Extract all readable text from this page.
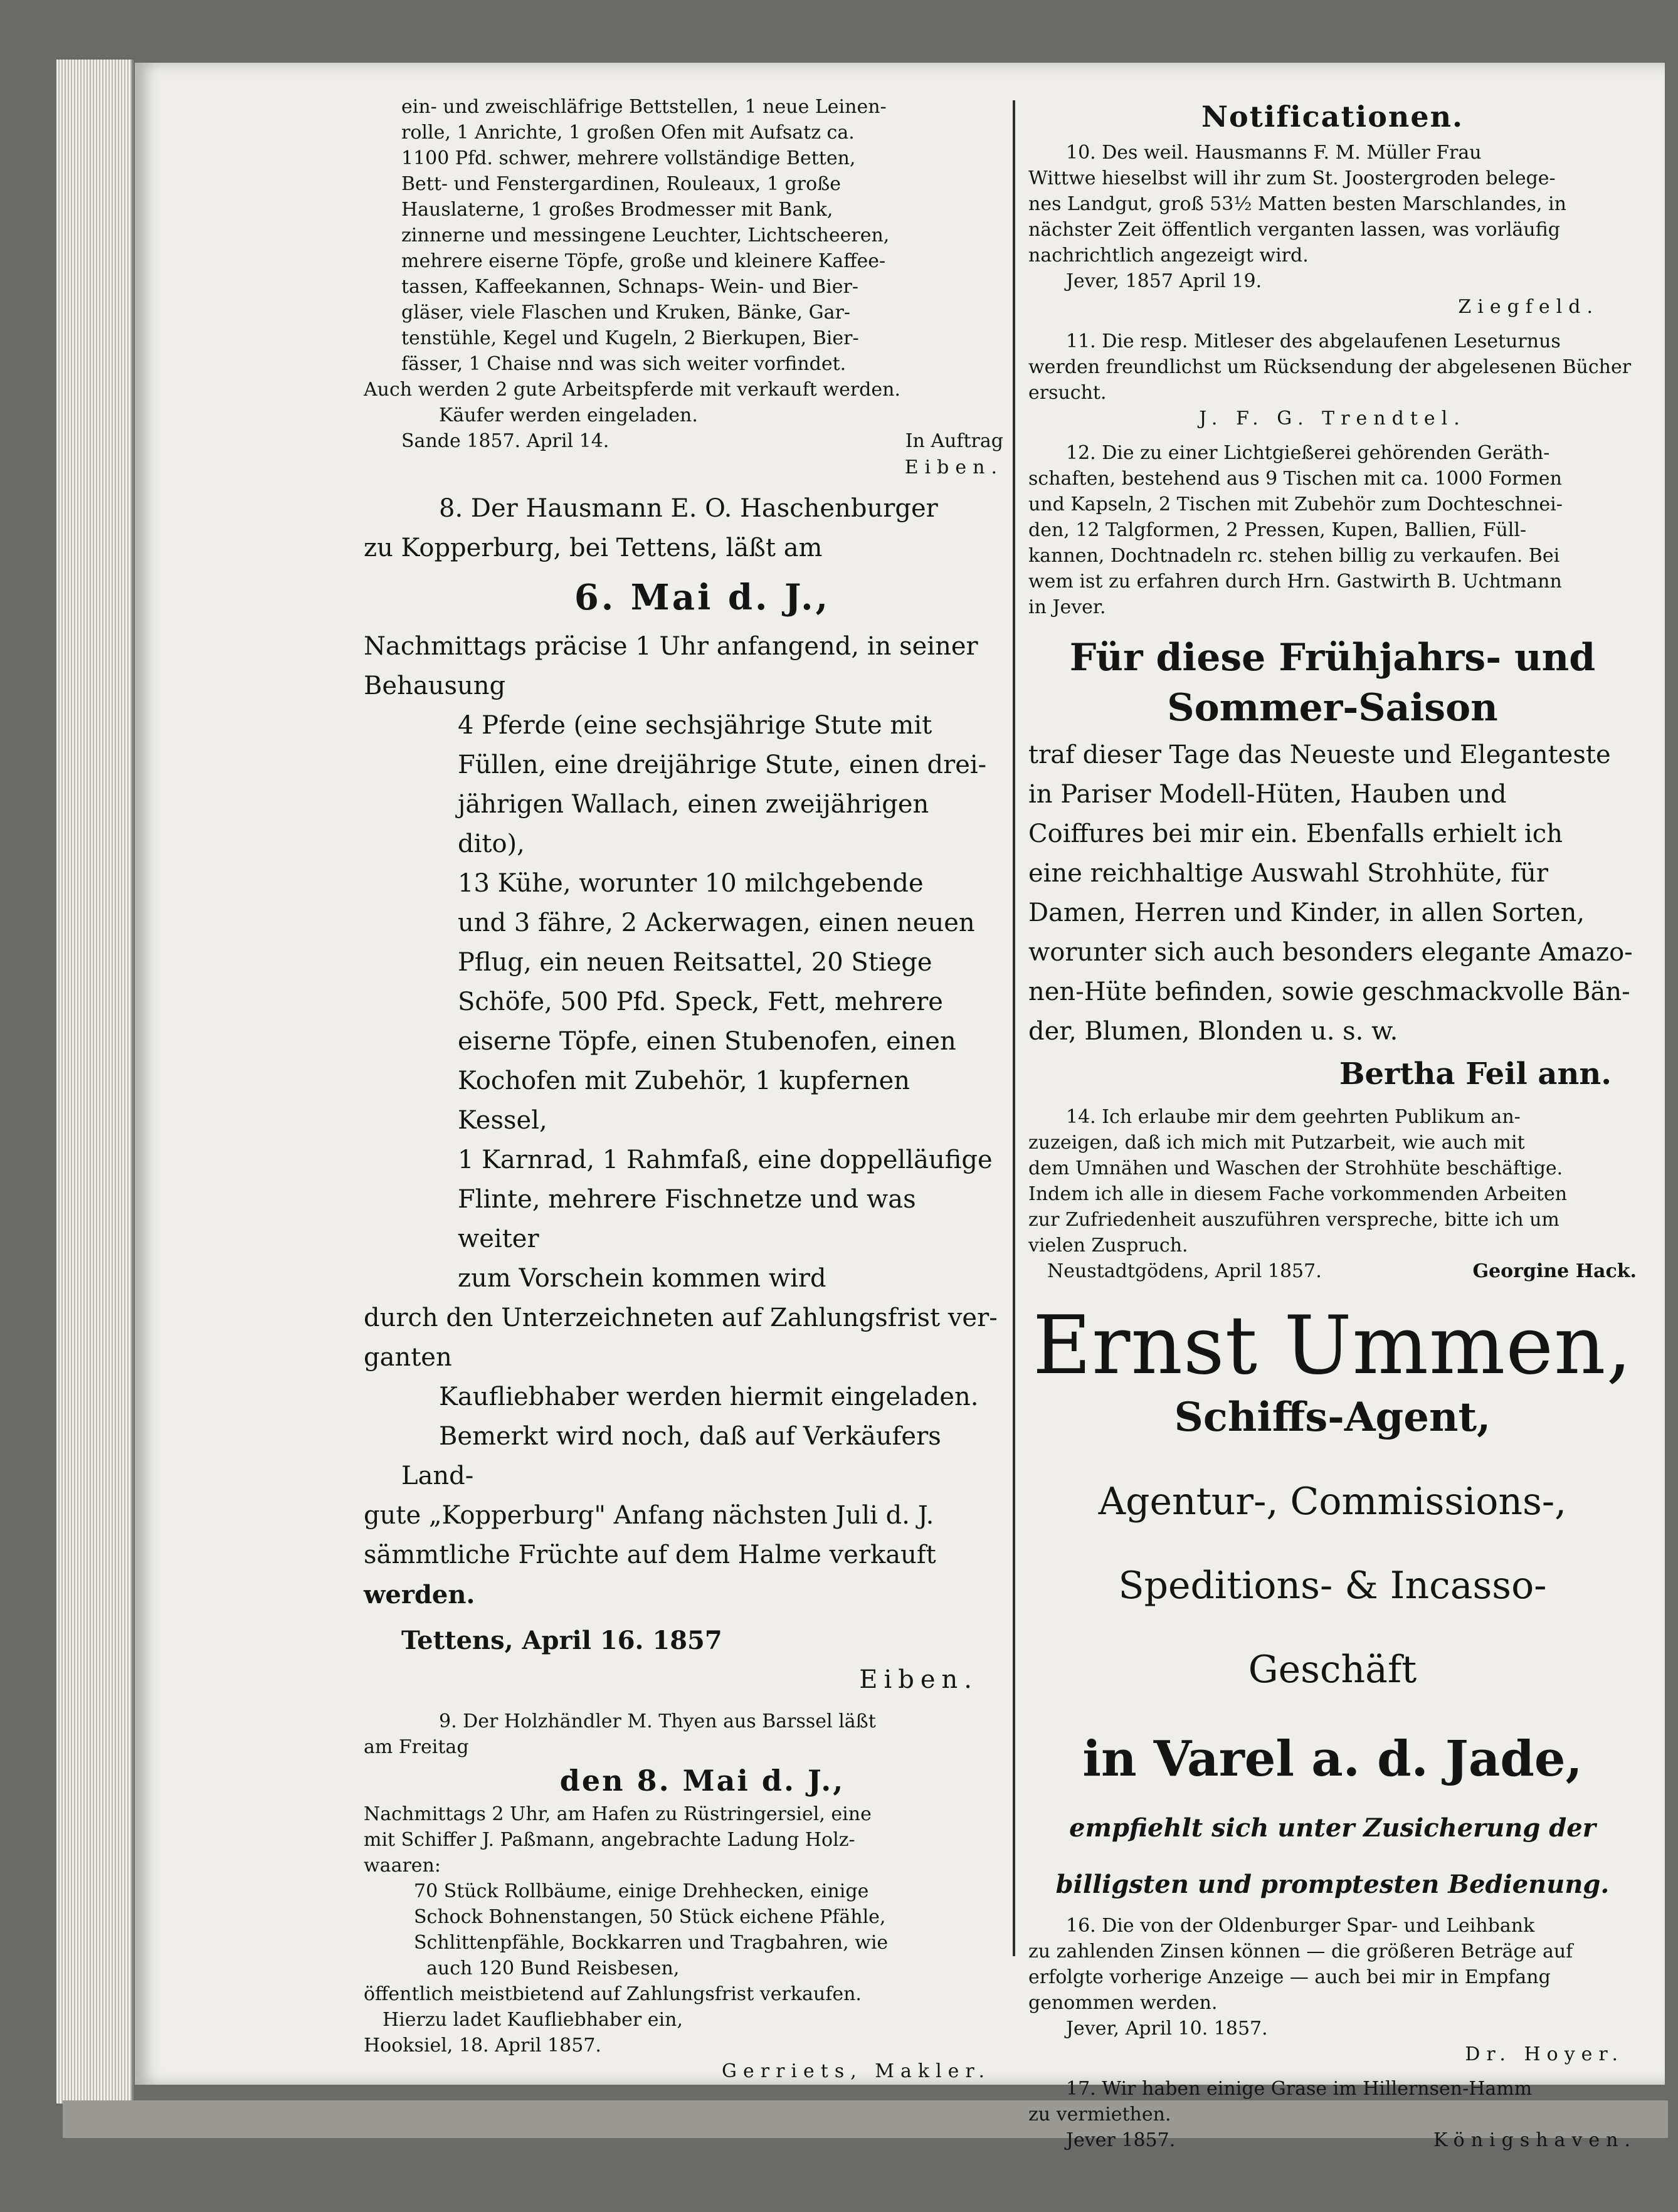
ein- und zweischläfrige Bettstellen, 1 neue Leinen-

rolle, 1 Anrichte, 1 großen Ofen mit Aufsatz ca.

1100 Pfd. schwer, mehrere vollständige Betten,

Bett- und Fenstergardinen, Rouleaux, 1 große

Hauslaterne, 1 großes Brodmesser mit Bank,

zinnerne und messingene Leuchter, Lichtscheeren,

mehrere eiserne Töpfe, große und kleinere Kaffee-

tassen, Kaffeekannen, Schnaps- Wein- und Bier-

gläser, viele Flaschen und Kruken, Bänke, Gar-

tenstühle, Kegel und Kugeln, 2 Bierkupen, Bier-

fässer, 1 Chaise nnd was sich weiter vorfindet.

Auch werden 2 gute Arbeitspferde mit verkauft werden.

Käufer werden eingeladen.

Sande 1857. April 14.	In Auftrag

Eiben.

8. Der Hausmann E. O. Haschenburger

zu Kopperburg, bei Tettens, läßt am

6. Mai d. J.,

Nachmittags präcise 1 Uhr anfangend, in seiner

Behausung

4 Pferde (eine sechsjährige Stute mit

Füllen, eine dreijährige Stute, einen drei-

jährigen Wallach, einen zweijährigen dito),

13 Kühe, worunter 10 milchgebende

und 3 fähre, 2 Ackerwagen, einen neuen

Pflug, ein neuen Reitsattel, 20 Stiege

Schöfe, 500 Pfd. Speck, Fett, mehrere

eiserne Töpfe, einen Stubenofen, einen

Kochofen mit Zubehör, 1 kupfernen Kessel,

1 Karnrad, 1 Rahmfaß, eine doppelläufige

Flinte, mehrere Fischnetze und was weiter

zum Vorschein kommen wird

durch den Unterzeichneten auf Zahlungsfrist ver-

ganten

Kaufliebhaber werden hiermit eingeladen.

Bemerkt wird noch, daß auf Verkäufers Land-

gute „Kopperburg" Anfang nächsten Juli d. J.

sämmtliche Früchte auf dem Halme verkauft

werden.

Tettens, April 16. 1857

Eiben.

9. Der Holzhändler M. Thyen aus Barssel läßt

am Freitag

den 8. Mai d. J.,

Nachmittags 2 Uhr, am Hafen zu Rüstringersiel, eine

mit Schiffer J. Paßmann, angebrachte Ladung Holz-

waaren:

70 Stück Rollbäume, einige Drehhecken, einige

Schock Bohnenstangen, 50 Stück eichene Pfähle,

Schlittenpfähle, Bockkarren und Tragbahren, wie

auch 120 Bund Reisbesen,

öffentlich meistbietend auf Zahlungsfrist verkaufen.

Hierzu ladet Kaufliebhaber ein,

Hooksiel, 18. April 1857.

Gerriets, Makler.

Notificationen.

10. Des weil. Hausmanns F. M. Müller Frau

Wittwe hieselbst will ihr zum St. Joostergroden belege-

nes Landgut, groß 53½ Matten besten Marschlandes, in

nächster Zeit öffentlich verganten lassen, was vorläufig

nachrichtlich angezeigt wird.

Jever, 1857 April 19.

Ziegfeld.

11. Die resp. Mitleser des abgelaufenen Leseturnus

werden freundlichst um Rücksendung der abgelesenen Bücher

ersucht.

J. F. G. Trendtel.

12. Die zu einer Lichtgießerei gehörenden Geräth-

schaften, bestehend aus 9 Tischen mit ca. 1000 Formen

und Kapseln, 2 Tischen mit Zubehör zum Dochteschnei-

den, 12 Talgformen, 2 Pressen, Kupen, Ballien, Füll-

kannen, Dochtnadeln rc. stehen billig zu verkaufen. Bei

wem ist zu erfahren durch Hrn. Gastwirth B. Uchtmann

in Jever.

Für diese Frühjahrs- und

Sommer-Saison

traf dieser Tage das Neueste und Eleganteste

in Pariser Modell-Hüten, Hauben und

Coiffures bei mir ein. Ebenfalls erhielt ich

eine reichhaltige Auswahl Strohhüte, für

Damen, Herren und Kinder, in allen Sorten,

worunter sich auch besonders elegante Amazo-

nen-Hüte befinden, sowie geschmackvolle Bän-

der, Blumen, Blonden u. s. w.

Bertha Feil ann.

14. Ich erlaube mir dem geehrten Publikum an-

zuzeigen, daß ich mich mit Putzarbeit, wie auch mit

dem Umnähen und Waschen der Strohhüte beschäftige.

Indem ich alle in diesem Fache vorkommenden Arbeiten

zur Zufriedenheit auszuführen verspreche, bitte ich um

vielen Zuspruch.

Neustadtgödens, April 1857.	Georgine Hack.

Ernst Ummen,

Schiffs-Agent,

Agentur-, Commissions-,

Speditions- & Incasso-

Geschäft

in Varel a. d. Jade,

empfiehlt sich unter Zusicherung der

billigsten und promptesten Bedienung.

16. Die von der Oldenburger Spar- und Leihbank

zu zahlenden Zinsen können — die größeren Beträge auf

erfolgte vorherige Anzeige — auch bei mir in Empfang

genommen werden.

Jever, April 10. 1857.

Dr. Hoyer.

17. Wir haben einige Grase im Hillernsen-Hamm

zu vermiethen.

Jever 1857.	Königshaven.
